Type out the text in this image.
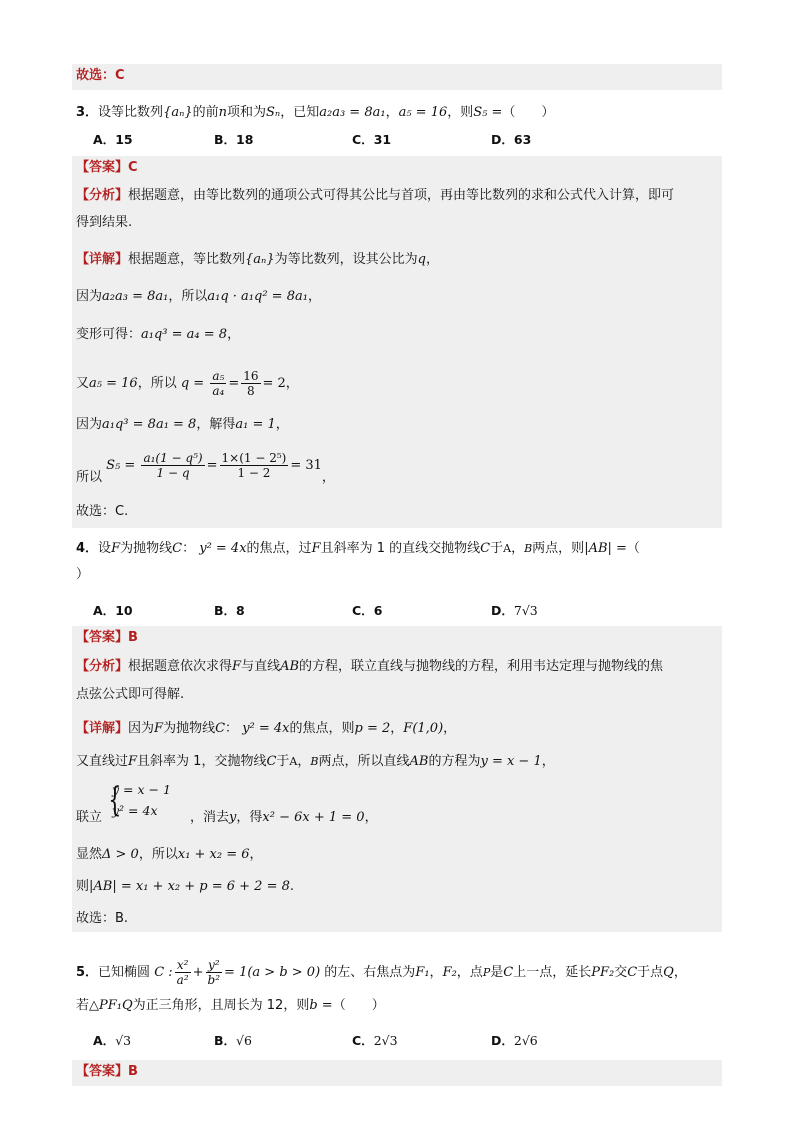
故选：C
3．设等比数列{aₙ}的前n项和为Sₙ，已知a₂a₃ = 8a₁，a₅ = 16，则S₅ =（　　）
A．15	B．18	C．31	D．63
【答案】C
【分析】根据题意，由等比数列的通项公式可得其公比与首项，再由等比数列的求和公式代入计算，即可
得到结果.
【详解】根据题意，等比数列{aₙ}为等比数列，设其公比为q，
因为a₂a₃ = 8a₁，所以a₁q · a₁q² = 8a₁，
变形可得：a₁q³ = a₄ = 8，
又a₅ = 16，所以 $q = \frac{\text{a₅}}{\text{a₄}} = \frac{16}{8} = 2$，
因为a₁q³ = 8a₁ = 8，解得a₁ = 1，
所以 $S_5 = \frac{\text{a₁(1 − q⁵)}}{1 - q} = \frac{\text{1×(1 − 2⁵)}}{1 - 2} = 31$，
故选：C.
4．设F为抛物线C： y² = 4x的焦点，过F且斜率为 1 的直线交抛物线C于A，B两点，则|AB| =（
）
A．10	B．8	C．6	D．7√3
【答案】B
【分析】根据题意依次求得F与直线AB的方程，联立直线与抛物线的方程，利用韦达定理与抛物线的焦
点弦公式即可得解.
【详解】因为F为抛物线C： y² = 4x的焦点，则p = 2，F(1,0)，
又直线过F且斜率为 1，交抛物线C于A，B两点，所以直线AB的方程为y = x − 1，
{
y = x − 1
y² = 4x
联立	，消去y，得x² − 6x + 1 = 0，
显然Δ > 0，所以x₁ + x₂ = 6，
则|AB| = x₁ + x₂ + p = 6 + 2 = 8.
故选：B.
5．已知椭圆 C : $\frac{\text{x²}}{\text{a²}} + \frac{\text{y²}}{\text{b²}} = 1(a > b > 0)$ 的左、右焦点为F₁，F₂，点P是C上一点，延长PF₂交C于点Q，
若△PF₁Q为正三角形，且周长为 12，则b =（　　）
A．√3	B．√6	C．2√3	D．2√6
【答案】B
